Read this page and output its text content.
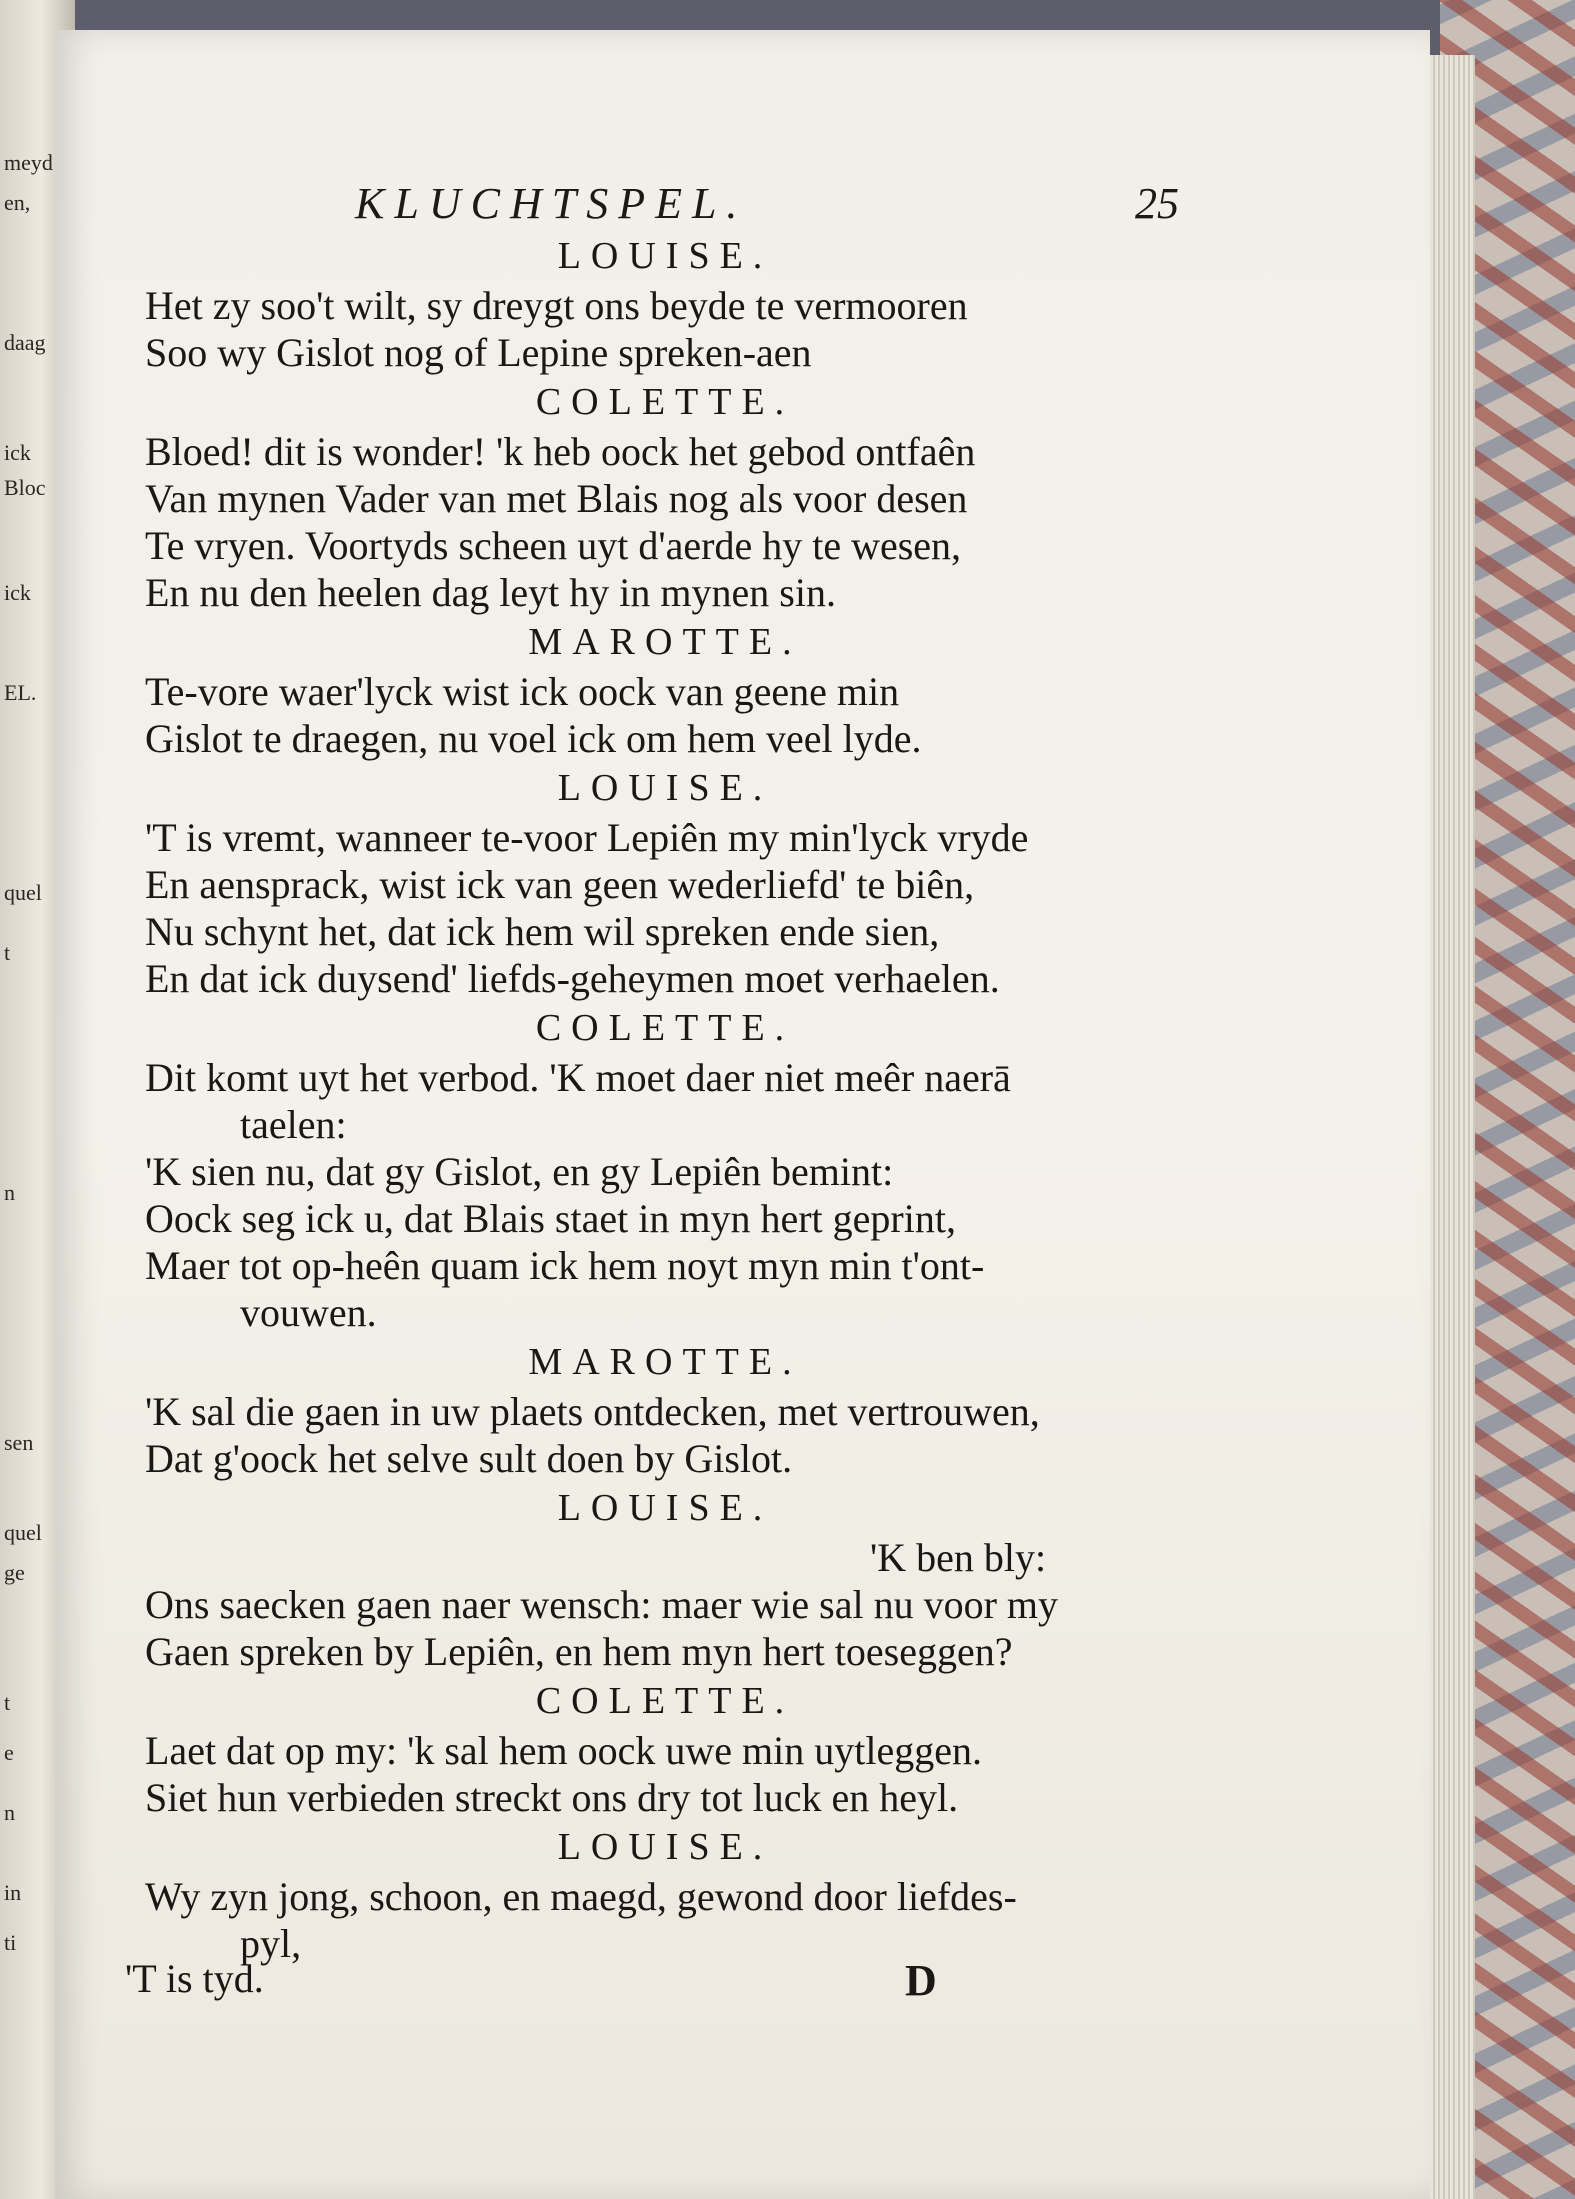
meyd
en,
daag
ick
Bloc
ick
EL.
quel
t
n
sen
quel
ge
t
e
n
in
ti
KLUCHTSPEL.	25
LOUISE.
Het zy soo't wilt, sy dreygt ons beyde te vermooren
Soo wy Gislot nog of Lepine spreken-aen
COLETTE.
Bloed! dit is wonder! 'k heb oock het gebod ontfaên
Van mynen Vader van met Blais nog als voor desen
Te vryen. Voortyds scheen uyt d'aerde hy te wesen,
En nu den heelen dag leyt hy in mynen sin.
MAROTTE.
Te-vore waer'lyck wist ick oock van geene min
Gislot te draegen, nu voel ick om hem veel lyde.
LOUISE.
'T is vremt, wanneer te-voor Lepiên my min'lyck vryde
En aensprack, wist ick van geen wederliefd' te biên,
Nu schynt het, dat ick hem wil spreken ende sien,
En dat ick duysend' liefds-geheymen moet verhaelen.
COLETTE.
Dit komt uyt het verbod. 'K moet daer niet meêr naerā
taelen:
'K sien nu, dat gy Gislot, en gy Lepiên bemint:
Oock seg ick u, dat Blais staet in myn hert geprint,
Maer tot op-heên quam ick hem noyt myn min t'ont-
vouwen.
MAROTTE.
'K sal die gaen in uw plaets ontdecken, met vertrouwen,
Dat g'oock het selve sult doen by Gislot.
LOUISE.
'K ben bly:
Ons saecken gaen naer wensch: maer wie sal nu voor my
Gaen spreken by Lepiên, en hem myn hert toeseggen?
COLETTE.
Laet dat op my: 'k sal hem oock uwe min uytleggen.
Siet hun verbieden streckt ons dry tot luck en heyl.
LOUISE.
Wy zyn jong, schoon, en maegd, gewond door liefdes-
pyl,
'T is tyd.	D
